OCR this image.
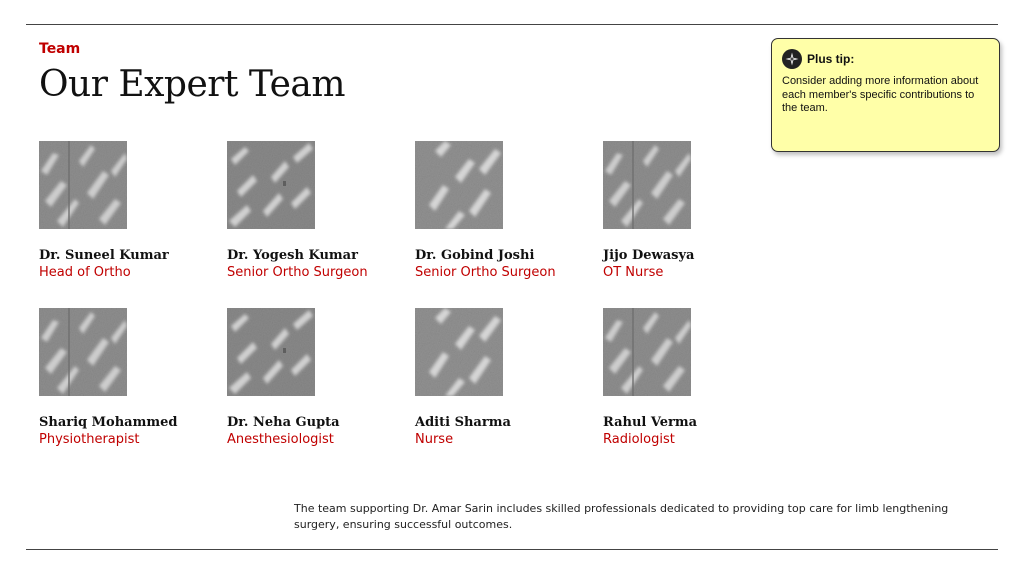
Team
Our Expert Team
Dr. Suneel Kumar
Head of Ortho
Dr. Yogesh Kumar
Senior Ortho Surgeon
Dr. Gobind Joshi
Senior Ortho Surgeon
Jijo Dewasya
OT Nurse
Shariq Mohammed
Physiotherapist
Dr. Neha Gupta
Anesthesiologist
Aditi Sharma
Nurse
Rahul Verma
Radiologist
Plus tip:
Consider adding more information about each member's specific contributions to the team.
The team supporting Dr. Amar Sarin includes skilled professionals dedicated to providing top care for limb lengthening surgery, ensuring successful outcomes.
